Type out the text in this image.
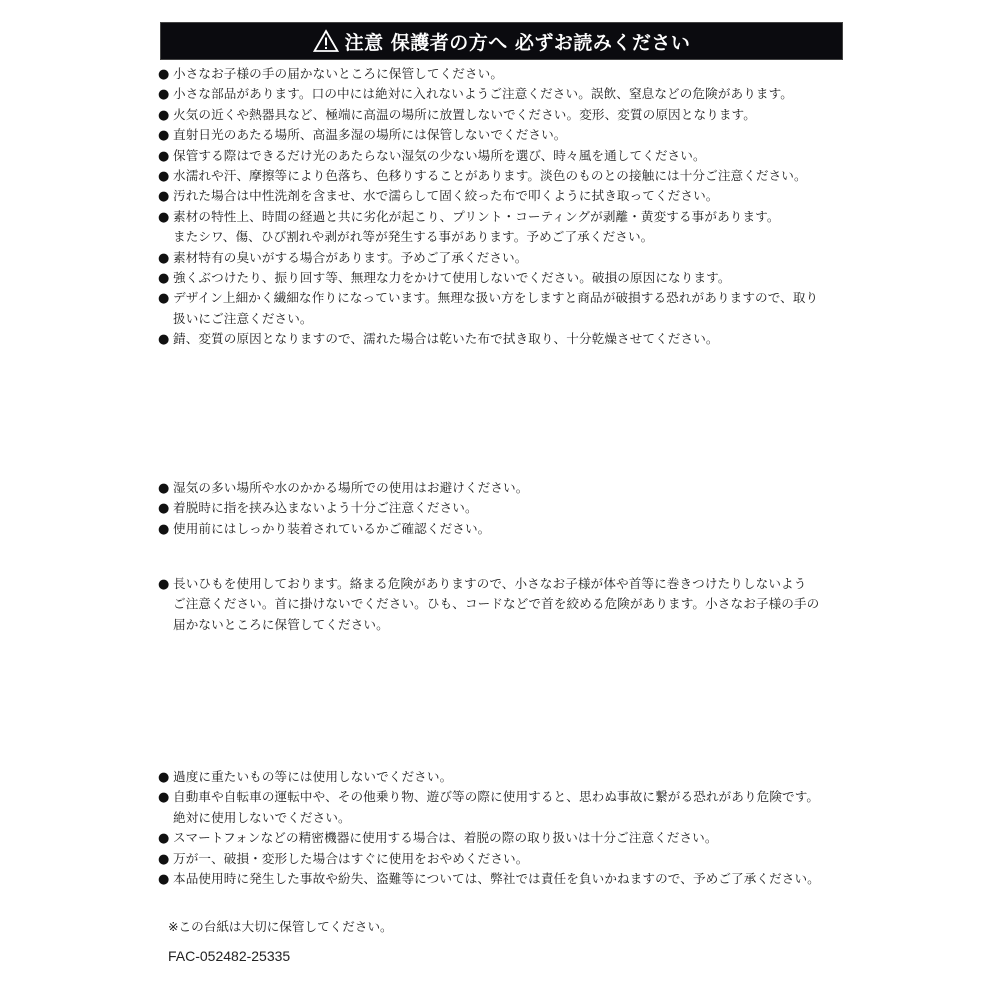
注意 保護者の方へ 必ずお読みください
● 小さなお子様の手の届かないところに保管してください。
● 小さな部品があります。口の中には絶対に入れないようご注意ください。誤飲、窒息などの危険があります。
● 火気の近くや熱器具など、極端に高温の場所に放置しないでください。変形、変質の原因となります。
● 直射日光のあたる場所、高温多湿の場所には保管しないでください。
● 保管する際はできるだけ光のあたらない湿気の少ない場所を選び、時々風を通してください。
● 水濡れや汗、摩擦等により色落ち、色移りすることがあります。淡色のものとの接触には十分ご注意ください。
● 汚れた場合は中性洗剤を含ませ、水で濡らして固く絞った布で叩くように拭き取ってください。
● 素材の特性上、時間の経過と共に劣化が起こり、プリント・コーティングが剥離・黄変する事があります。
またシワ、傷、ひび割れや剥がれ等が発生する事があります。予めご了承ください。
● 素材特有の臭いがする場合があります。予めご了承ください。
● 強くぶつけたり、振り回す等、無理な力をかけて使用しないでください。破損の原因になります。
● デザイン上細かく繊細な作りになっています。無理な扱い方をしますと商品が破損する恐れがありますので、取り
扱いにご注意ください。
● 錆、変質の原因となりますので、濡れた場合は乾いた布で拭き取り、十分乾燥させてください。
● 湿気の多い場所や水のかかる場所での使用はお避けください。
● 着脱時に指を挟み込まないよう十分ご注意ください。
● 使用前にはしっかり装着されているかご確認ください。
● 長いひもを使用しております。絡まる危険がありますので、小さなお子様が体や首等に巻きつけたりしないよう
ご注意ください。首に掛けないでください。ひも、コードなどで首を絞める危険があります。小さなお子様の手の
届かないところに保管してください。
● 過度に重たいもの等には使用しないでください。
● 自動車や自転車の運転中や、その他乗り物、遊び等の際に使用すると、思わぬ事故に繋がる恐れがあり危険です。
絶対に使用しないでください。
● スマートフォンなどの精密機器に使用する場合は、着脱の際の取り扱いは十分ご注意ください。
● 万が一、破損・変形した場合はすぐに使用をおやめください。
● 本品使用時に発生した事故や紛失、盗難等については、弊社では責任を負いかねますので、予めご了承ください。
※この台紙は大切に保管してください。
FAC-052482-25335
